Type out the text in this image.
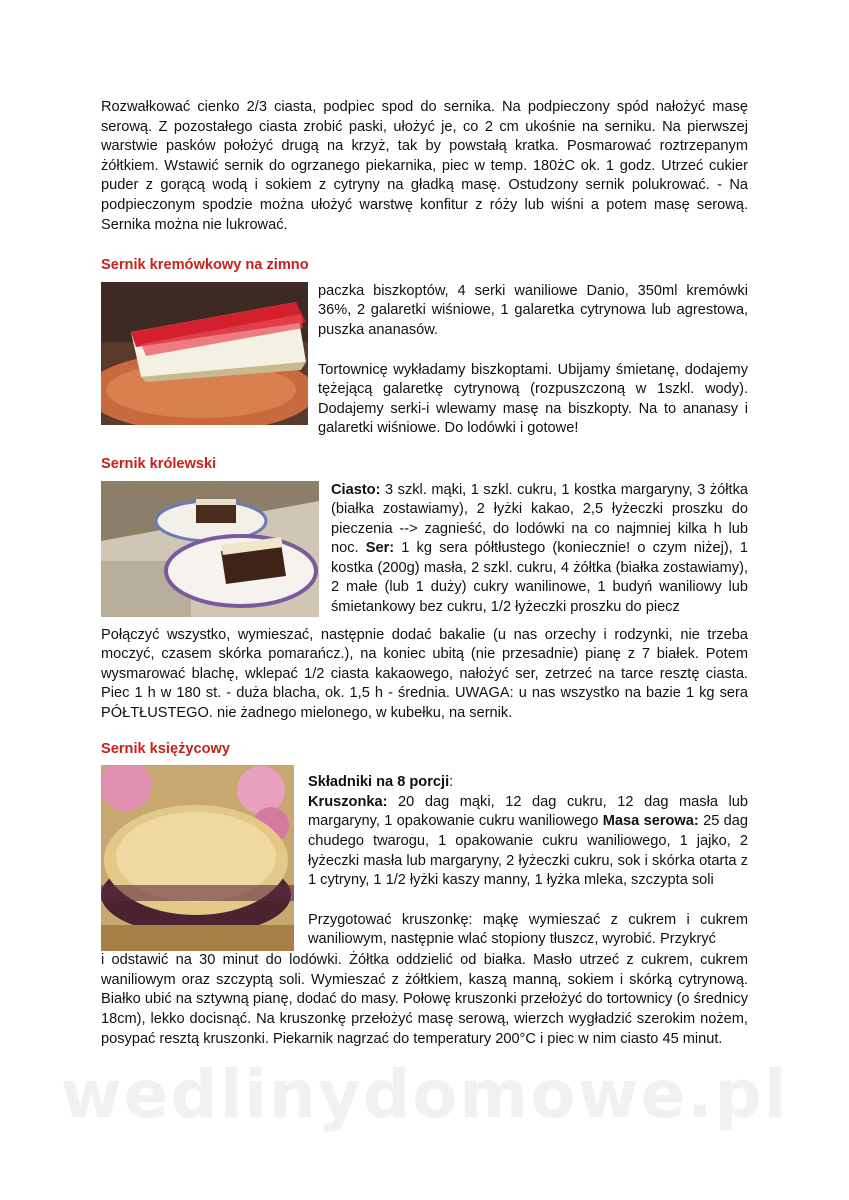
Rozwałkować cienko 2/3 ciasta, podpiec spod do sernika. Na podpieczony spód nałożyć masę serową. Z pozostałego ciasta zrobić paski, ułożyć je, co 2 cm ukośnie na serniku. Na pierwszej warstwie pasków położyć drugą na krzyż, tak by powstałą kratka. Posmarować roztrzepanym żółtkiem. Wstawić sernik do ogrzanego piekarnika, piec w temp. 180żC ok. 1 godz. Utrzeć cukier puder z gorącą wodą i sokiem z cytryny na gładką masę. Ostudzony sernik polukrować. - Na podpieczonym spodzie można ułożyć warstwę konfitur z róży lub wiśni a potem masę serową. Sernika można nie lukrować.

Sernik kremówkowy na zimno

paczka biszkoptów, 4 serki waniliowe Danio, 350ml kremówki 36%, 2 galaretki wiśniowe, 1 galaretka cytrynowa lub agrestowa, puszka ananasów.

Tortownicę wykładamy biszkoptami. Ubijamy śmietanę, dodajemy tężejącą galaretkę cytrynową (rozpuszczoną w 1szkl. wody). Dodajemy serki-i wlewamy masę na biszkopty. Na to ananasy i galaretki wiśniowe. Do lodówki i gotowe!

Sernik królewski

Ciasto: 3 szkl. mąki, 1 szkl. cukru, 1 kostka margaryny, 3 żółtka (białka zostawiamy), 2 łyżki kakao, 2,5 łyżeczki proszku do pieczenia --> zagnieść, do lodówki na co najmniej kilka h lub noc. Ser: 1 kg sera półtłustego (koniecznie! o czym niżej), 1 kostka (200g) masła, 2 szkl. cukru, 4 żółtka (białka zostawiamy), 2 małe (lub 1 duży) cukry wanilinowe, 1 budyń waniliowy lub śmietankowy bez cukru, 1/2 łyżeczki proszku do piecz

Połączyć wszystko, wymieszać, następnie dodać bakalie (u nas orzechy i rodzynki, nie trzeba moczyć, czasem skórka pomarańcz.), na koniec ubitą (nie przesadnie) pianę z 7 białek. Potem wysmarować blachę, wklepać 1/2 ciasta kakaowego, nałożyć ser, zetrzeć na tarce resztę ciasta. Piec 1 h w 180 st. - duża blacha, ok. 1,5 h - średnia. UWAGA: u nas wszystko na bazie 1 kg sera PÓŁTŁUSTEGO. nie żadnego mielonego, w kubełku, na sernik.

Sernik księżycowy

Składniki na 8 porcji:

Kruszonka: 20 dag mąki, 12 dag cukru, 12 dag masła lub margaryny, 1 opakowanie cukru waniliowego Masa serowa: 25 dag chudego twarogu, 1 opakowanie cukru waniliowego, 1 jajko, 2 łyżeczki masła lub margaryny, 2 łyżeczki cukru, sok i skórka otarta z 1 cytryny, 1 1/2 łyżki kaszy manny, 1 łyżka mleka, szczypta soli

Przygotować kruszonkę: mąkę wymieszać z cukrem i cukrem waniliowym, następnie wlać stopiony tłuszcz, wyrobić. Przykryć

i odstawić na 30 minut do lodówki. Żółtka oddzielić od białka. Masło utrzeć z cukrem, cukrem waniliowym oraz szczyptą soli. Wymieszać z żółtkiem, kaszą manną, sokiem i skórką cytrynową. Białko ubić na sztywną pianę, dodać do masy. Połowę kruszonki przełożyć do tortownicy (o średnicy 18cm), lekko docisnąć. Na kruszonkę przełożyć masę serową, wierzch wygładzić szerokim nożem, posypać resztą kruszonki. Piekarnik nagrzać do temperatury 200°C i piec w nim ciasto 45 minut.

wedlinydomowe.pl
